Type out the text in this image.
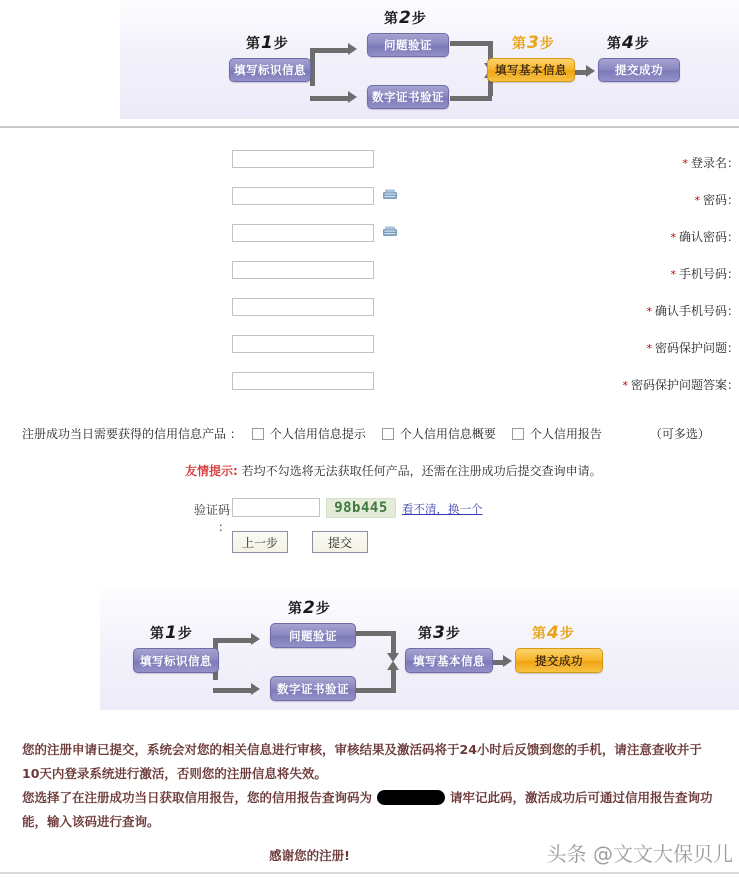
第1步
第2步
第3步	第4步
填写标识信息
问题验证
数字证书验证
填写基本信息	提交成功
* 登录名：
* 密码：
* 确认密码：
* 手机号码：
* 确认手机号码：
* 密码保护问题：
* 密码保护问题答案：
注册成功当日需要获得的信用信息产品 ： 个人信用信息提示	个人信用信息概要	个人信用报告	（可多选）
友情提示: 若均不勾选将无法获取任何产品，还需在注册成功后提交查询申请。
验证码 ：
98b445	看不清，换一个
上一步	提交
第1步
第2步
第3步	第4步
填写标识信息
问题验证
数字证书验证
填写基本信息	提交成功
您的注册申请已提交，系统会对您的相关信息进行审核，审核结果及激活码将于24小时后反馈到您的手机，请注意查收并于
10天内登录系统进行激活，否则您的注册信息将失效。
您选择了在注册成功当日获取信用报告，您的信用报告查询码为	请牢记此码，激活成功后可通过信用报告查询功
能，输入该码进行查询。
感谢您的注册!	头条 @文文大保贝儿
